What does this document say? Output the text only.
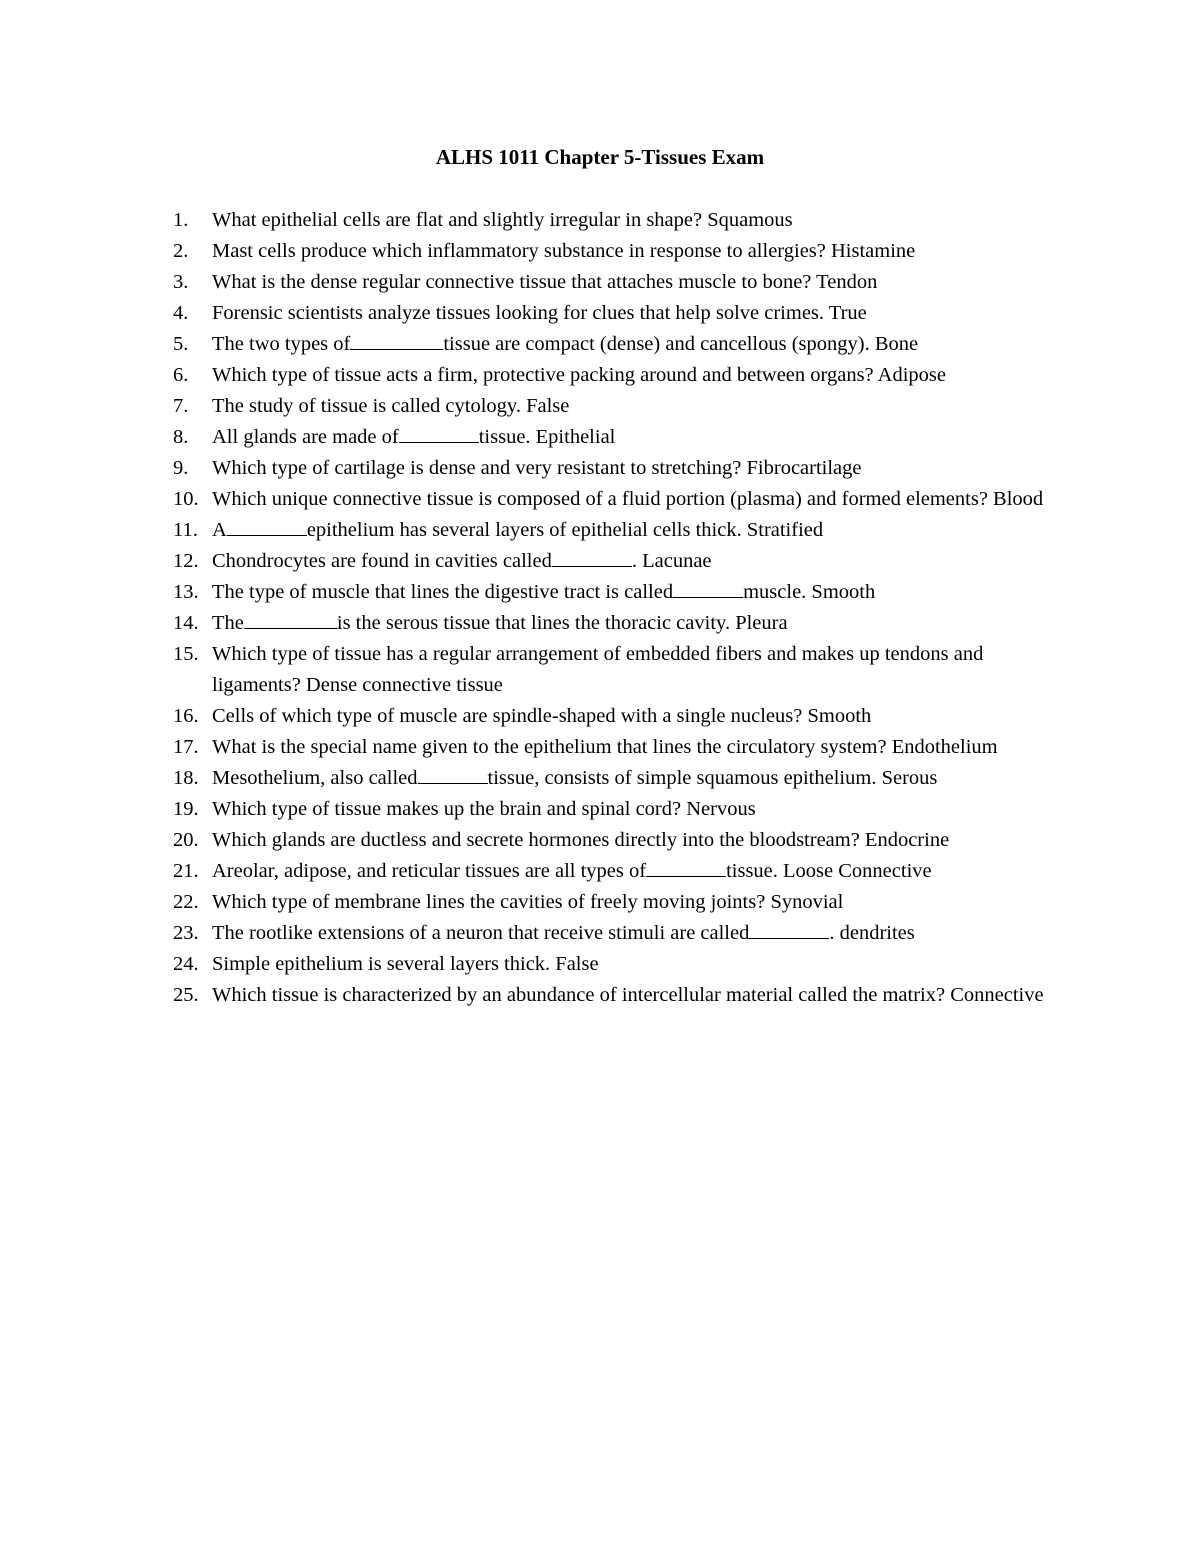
ALHS 1011 Chapter 5-Tissues Exam
1. What epithelial cells are flat and slightly irregular in shape? Squamous
2. Mast cells produce which inflammatory substance in response to allergies? Histamine
3. What is the dense regular connective tissue that attaches muscle to bone? Tendon
4. Forensic scientists analyze tissues looking for clues that help solve crimes. True
5. The two types of	tissue are compact (dense) and cancellous (spongy). Bone
6. Which type of tissue acts a firm, protective packing around and between organs? Adipose
7. The study of tissue is called cytology. False
8. All glands are made of	tissue. Epithelial
9. Which type of cartilage is dense and very resistant to stretching? Fibrocartilage
10. Which unique connective tissue is composed of a fluid portion (plasma) and formed elements? Blood
11. A	epithelium has several layers of epithelial cells thick. Stratified
12. Chondrocytes are found in cavities called	. Lacunae
13. The type of muscle that lines the digestive tract is called	muscle. Smooth
14. The	is the serous tissue that lines the thoracic cavity. Pleura
15. Which type of tissue has a regular arrangement of embedded fibers and makes up tendons and ligaments? Dense connective tissue
16. Cells of which type of muscle are spindle-shaped with a single nucleus? Smooth
17. What is the special name given to the epithelium that lines the circulatory system? Endothelium
18. Mesothelium, also called	tissue, consists of simple squamous epithelium. Serous
19. Which type of tissue makes up the brain and spinal cord? Nervous
20. Which glands are ductless and secrete hormones directly into the bloodstream? Endocrine
21. Areolar, adipose, and reticular tissues are all types of	tissue. Loose Connective
22. Which type of membrane lines the cavities of freely moving joints? Synovial
23. The rootlike extensions of a neuron that receive stimuli are called	. dendrites
24. Simple epithelium is several layers thick. False
25. Which tissue is characterized by an abundance of intercellular material called the matrix? Connective
